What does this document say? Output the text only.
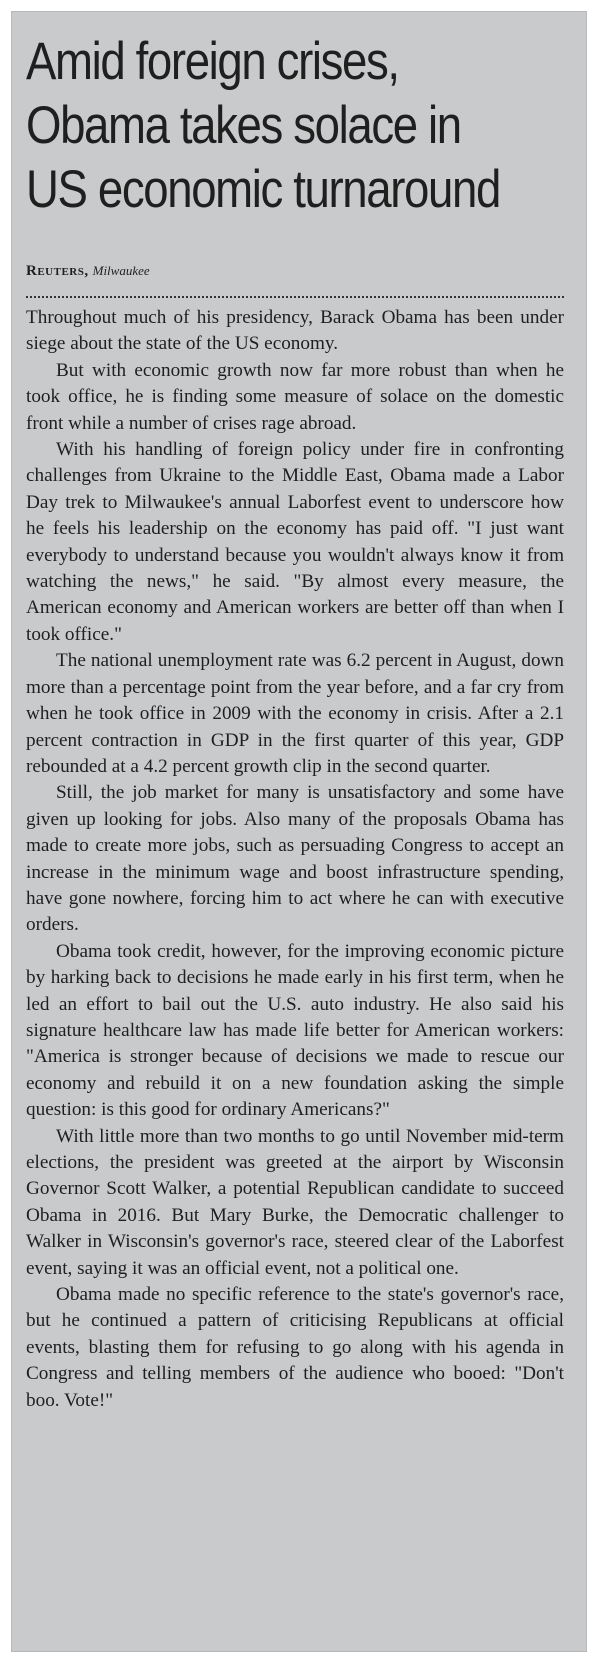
Amid foreign crises,
Obama takes solace in
US economic turnaround
Reuters, Milwaukee

Throughout much of his presidency, Barack Obama has been under siege about the state of the US economy.

But with economic growth now far more robust than when he took office, he is finding some measure of solace on the domestic front while a number of crises rage abroad.

With his handling of foreign policy under fire in confronting challenges from Ukraine to the Middle East, Obama made a Labor Day trek to Milwaukee's annual Laborfest event to underscore how he feels his leadership on the economy has paid off. "I just want everybody to understand because you wouldn't always know it from watching the news," he said. "By almost every measure, the American economy and American workers are better off than when I took office."

The national unemployment rate was 6.2 percent in August, down more than a percentage point from the year before, and a far cry from when he took office in 2009 with the economy in crisis. After a 2.1 percent contraction in GDP in the first quarter of this year, GDP rebounded at a 4.2 percent growth clip in the second quarter.

Still, the job market for many is unsatisfactory and some have given up looking for jobs. Also many of the proposals Obama has made to create more jobs, such as persuading Congress to accept an increase in the minimum wage and boost infrastructure spending, have gone nowhere, forcing him to act where he can with executive orders.

Obama took credit, however, for the improving economic picture by harking back to decisions he made early in his first term, when he led an effort to bail out the U.S. auto industry. He also said his signature healthcare law has made life better for American workers: "America is stronger because of decisions we made to rescue our economy and rebuild it on a new foundation asking the simple question: is this good for ordinary Americans?"

With little more than two months to go until November mid-term elections, the president was greeted at the airport by Wisconsin Governor Scott Walker, a potential Republican candidate to succeed Obama in 2016. But Mary Burke, the Democratic challenger to Walker in Wisconsin's governor's race, steered clear of the Laborfest event, saying it was an official event, not a political one.

Obama made no specific reference to the state's governor's race, but he continued a pattern of criticising Republicans at official events, blasting them for refusing to go along with his agenda in Congress and telling members of the audience who booed: "Don't boo. Vote!"
